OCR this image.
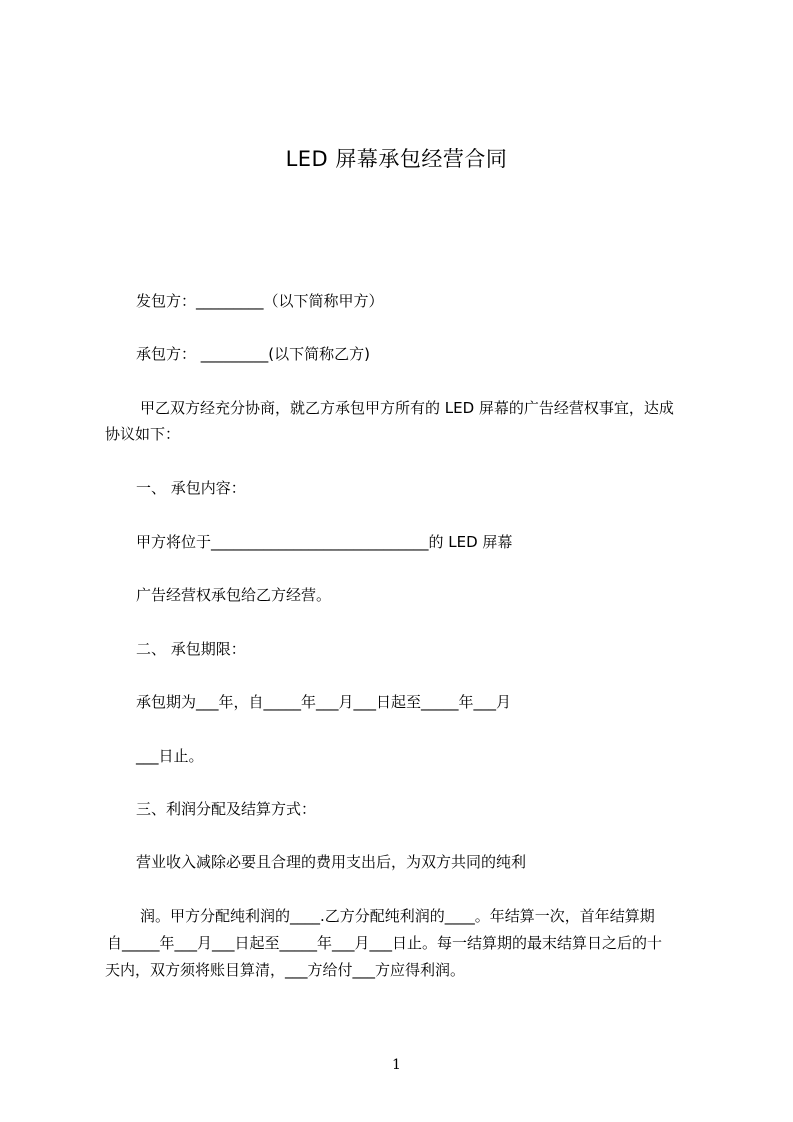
LED 屏幕承包经营合同
发包方：_________（以下简称甲方）
承包方： _________(以下简称乙方)
甲乙双方经充分协商，就乙方承包甲方所有的 LED 屏幕的广告经营权事宜，达成
协议如下：
一、 承包内容：
甲方将位于_____________________________的 LED 屏幕
广告经营权承包给乙方经营。
二、 承包期限：
承包期为___年，自_____年___月___日起至_____年___月
___日止。
三、利润分配及结算方式：
营业收入减除必要且合理的费用支出后，为双方共同的纯利
润。甲方分配纯利润的____.乙方分配纯利润的____。年结算一次，首年结算期
自_____年___月___日起至_____年___月___日止。每一结算期的最末结算日之后的十
天内，双方须将账目算清，___方给付___方应得利润。
1
